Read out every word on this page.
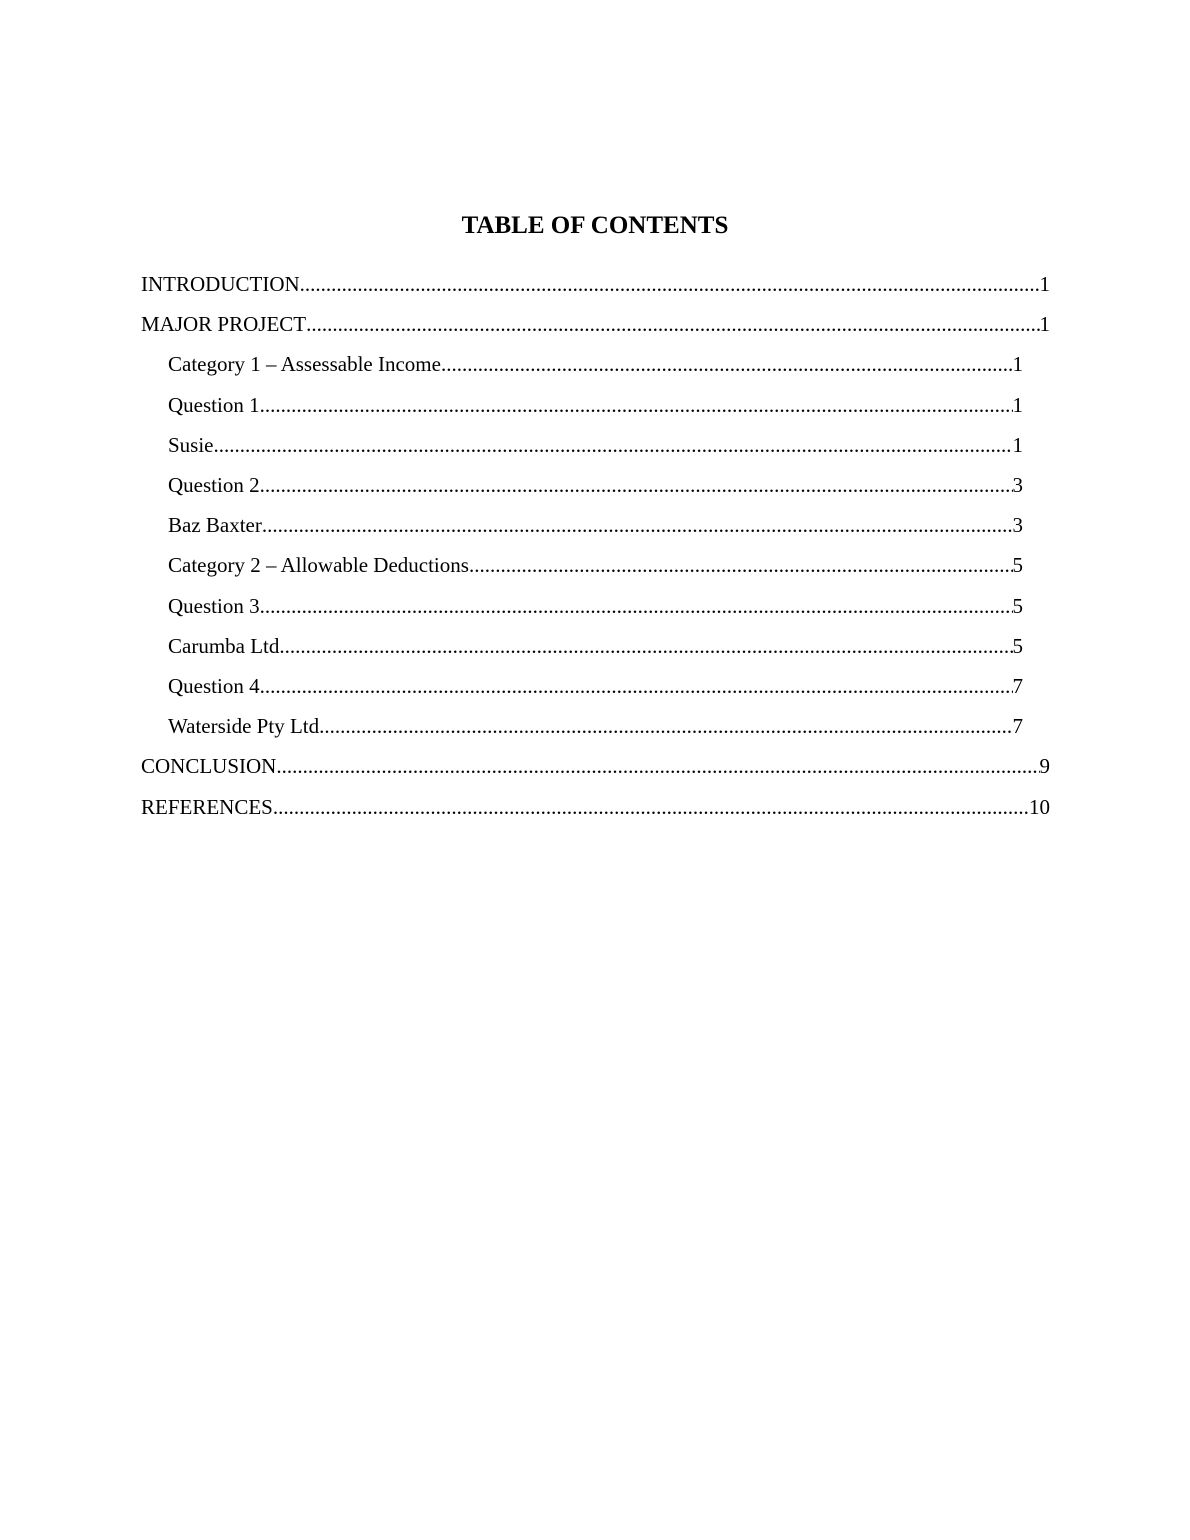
TABLE OF CONTENTS
INTRODUCTION .....	1
MAJOR PROJECT .....	1
Category 1 – Assessable Income .....	1
Question 1 .....	1
Susie .....	1
Question 2 .....	3
Baz Baxter .....	3
Category 2 – Allowable Deductions .....	5
Question 3 .....	5
Carumba Ltd .....	5
Question 4 .....	7
Waterside Pty Ltd .....	7
CONCLUSION .....	9
REFERENCES .....	10
